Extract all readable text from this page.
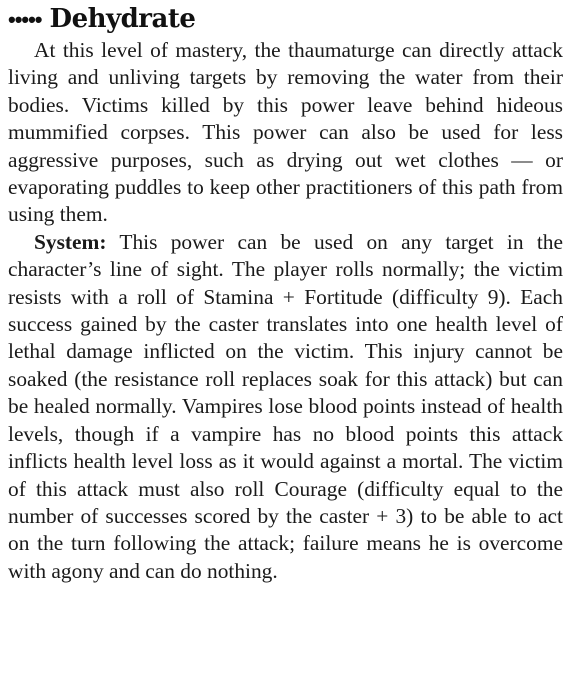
••••• Dehydrate

At this level of mastery, the thaumaturge can directly attack living and unliving targets by removing the water from their bodies. Victims killed by this power leave behind hideous mummified corpses. This power can also be used for less aggressive purposes, such as drying out wet clothes — or evaporating puddles to keep other practitioners of this path from using them.

System: This power can be used on any target in the character’s line of sight. The player rolls normally; the victim resists with a roll of Stamina + Fortitude (difficulty 9). Each success gained by the caster translates into one health level of lethal damage inflicted on the victim. This injury cannot be soaked (the resistance roll replaces soak for this attack) but can be healed normally. Vampires lose blood points instead of health levels, though if a vampire has no blood points this attack inflicts health level loss as it would against a mortal. The victim of this attack must also roll Courage (difficulty equal to the number of successes scored by the caster + 3) to be able to act on the turn following the attack; failure means he is overcome with agony and can do nothing.
